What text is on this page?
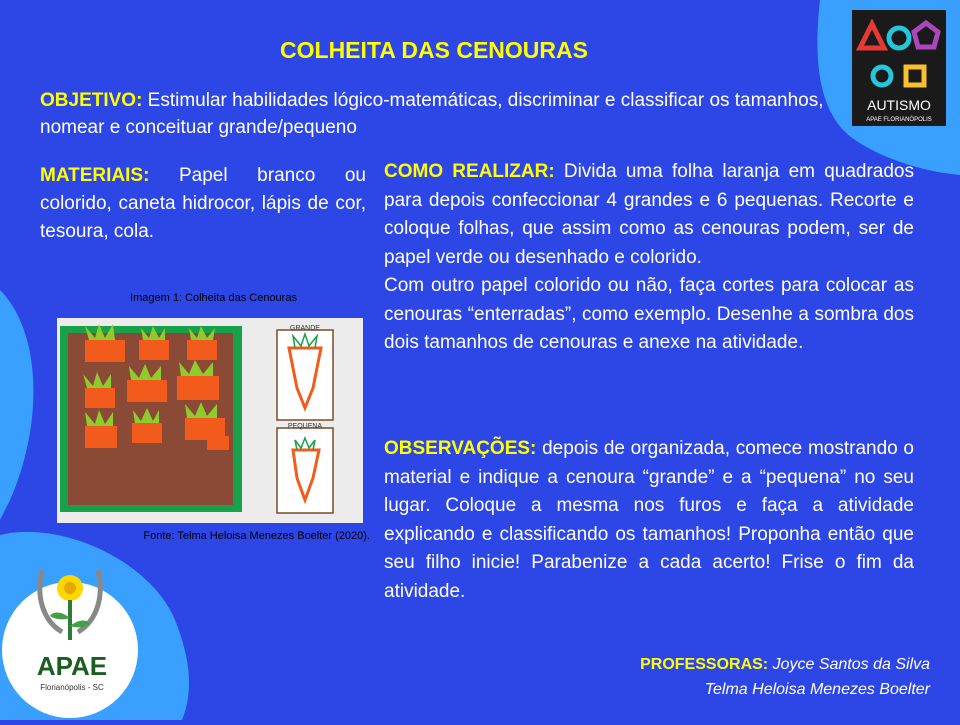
COLHEITA DAS CENOURAS
OBJETIVO: Estimular habilidades lógico-matemáticas, discriminar e classificar os tamanhos, nomear e conceituar grande/pequeno
MATERIAIS: Papel branco ou colorido, caneta hidrocor, lápis de cor, tesoura, cola.
COMO REALIZAR: Divida uma folha laranja em quadrados para depois confeccionar 4 grandes e 6 pequenas. Recorte e coloque folhas, que assim como as cenouras podem, ser de papel verde ou desenhado e colorido.
Com outro papel colorido ou não, faça cortes para colocar as cenouras “enterradas”, como exemplo. Desenhe a sombra dos dois tamanhos de cenouras e anexe na atividade.
OBSERVAÇÕES: depois de organizada, comece mostrando o material e indique a cenoura “grande” e a “pequena” no seu lugar. Coloque a mesma nos furos e faça a atividade explicando e classificando os tamanhos! Proponha então que seu filho inicie! Parabenize a cada acerto! Frise o fim da atividade.
Imagem 1: Colheita das Cenouras
GRANDE
PEQUENA
Fonte: Telma Heloisa Menezes Boelter (2020).
PROFESSORAS: Joyce Santos da Silva
Telma Heloisa Menezes Boelter
AUTISMO
APAE FLORIANÓPOLIS
APAE
Florianópolis - SC
